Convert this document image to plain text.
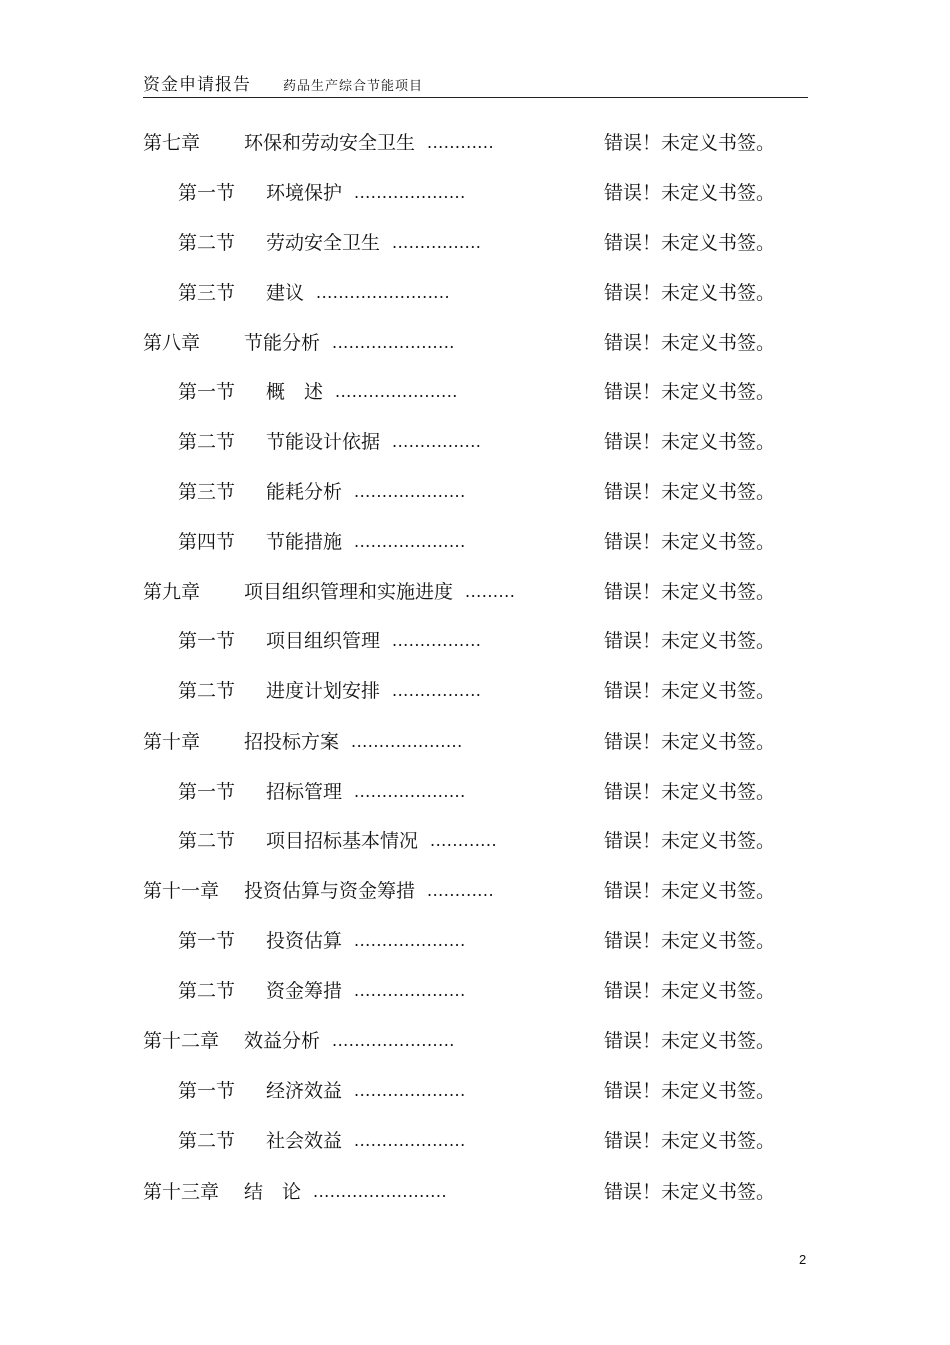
资金申请报告 药品生产综合节能项目
第七章 环保和劳动安全卫生 ............	错误！未定义书签。
第一节 环境保护 ....................	错误！未定义书签。
第二节 劳动安全卫生 ................	错误！未定义书签。
第三节 建议 ........................	错误！未定义书签。
第八章 节能分析 ......................	错误！未定义书签。
第一节 概　述 ......................	错误！未定义书签。
第二节 节能设计依据 ................	错误！未定义书签。
第三节 能耗分析 ....................	错误！未定义书签。
第四节 节能措施 ....................	错误！未定义书签。
第九章 项目组织管理和实施进度 .........	错误！未定义书签。
第一节 项目组织管理 ................	错误！未定义书签。
第二节 进度计划安排 ................	错误！未定义书签。
第十章 招投标方案 ....................	错误！未定义书签。
第一节 招标管理 ....................	错误！未定义书签。
第二节 项目招标基本情况 ............	错误！未定义书签。
第十一章 投资估算与资金筹措 ............	错误！未定义书签。
第一节 投资估算 ....................	错误！未定义书签。
第二节 资金筹措 ....................	错误！未定义书签。
第十二章 效益分析 ......................	错误！未定义书签。
第一节 经济效益 ....................	错误！未定义书签。
第二节 社会效益 ....................	错误！未定义书签。
第十三章 结　论 ........................	错误！未定义书签。
2
